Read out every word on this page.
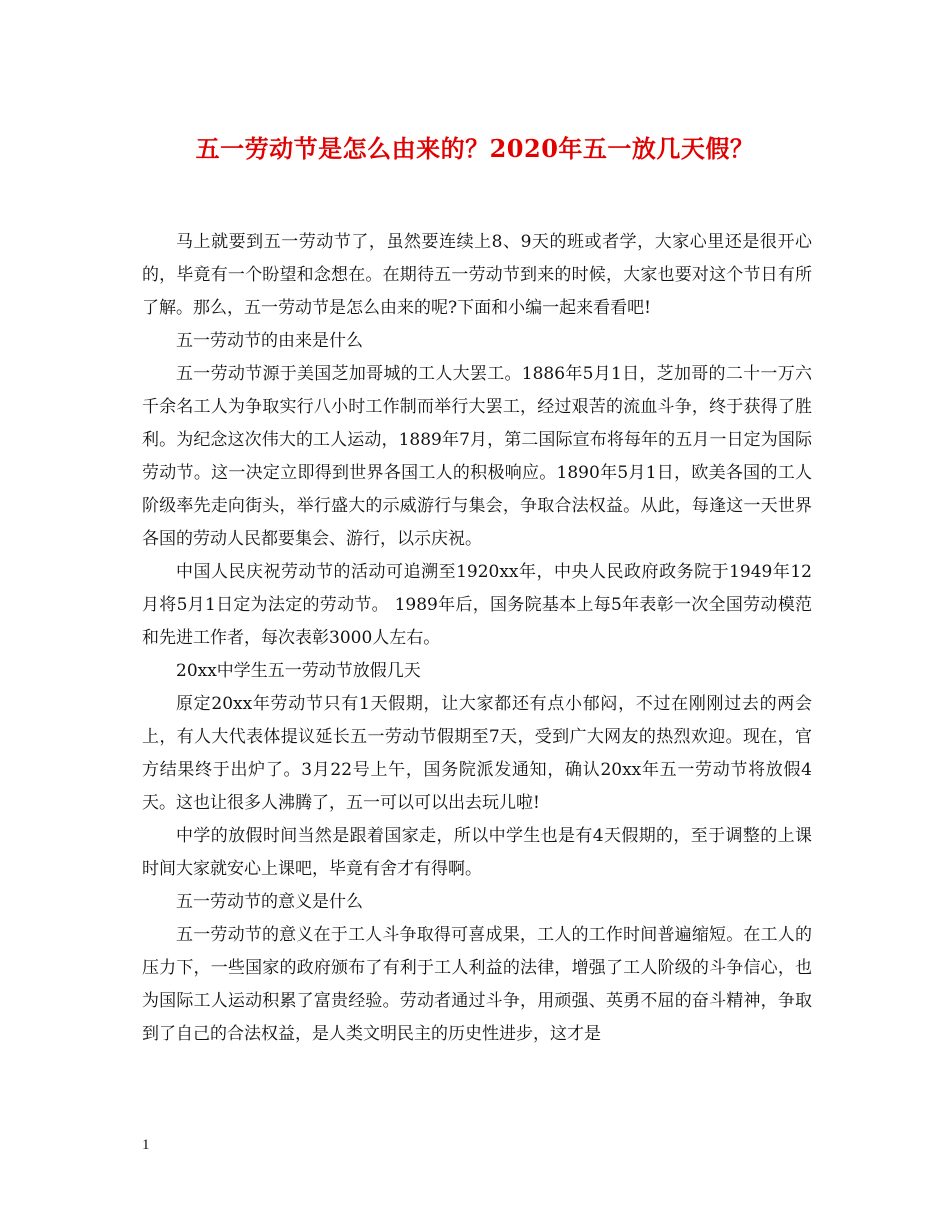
五一劳动节是怎么由来的？2020年五一放几天假？

马上就要到五一劳动节了，虽然要连续上8、9天的班或者学，大家心里还是很开心的，毕竟有一个盼望和念想在。在期待五一劳动节到来的时候，大家也要对这个节日有所了解。那么，五一劳动节是怎么由来的呢?下面和小编一起来看看吧!

五一劳动节的由来是什么

五一劳动节源于美国芝加哥城的工人大罢工。1886年5月1日，芝加哥的二十一万六千余名工人为争取实行八小时工作制而举行大罢工，经过艰苦的流血斗争，终于获得了胜利。为纪念这次伟大的工人运动，1889年7月，第二国际宣布将每年的五月一日定为国际劳动节。这一决定立即得到世界各国工人的积极响应。1890年5月1日，欧美各国的工人阶级率先走向街头，举行盛大的示威游行与集会，争取合法权益。从此，每逢这一天世界各国的劳动人民都要集会、游行，以示庆祝。

中国人民庆祝劳动节的活动可追溯至1920xx年，中央人民政府政务院于1949年12月将5月1日定为法定的劳动节。 1989年后，国务院基本上每5年表彰一次全国劳动模范和先进工作者，每次表彰3000人左右。

20xx中学生五一劳动节放假几天

原定20xx年劳动节只有1天假期，让大家都还有点小郁闷，不过在刚刚过去的两会上，有人大代表体提议延长五一劳动节假期至7天，受到广大网友的热烈欢迎。现在，官方结果终于出炉了。3月22号上午，国务院派发通知，确认20xx年五一劳动节将放假4天。这也让很多人沸腾了，五一可以可以出去玩儿啦!

中学的放假时间当然是跟着国家走，所以中学生也是有4天假期的，至于调整的上课时间大家就安心上课吧，毕竟有舍才有得啊。

五一劳动节的意义是什么

五一劳动节的意义在于工人斗争取得可喜成果，工人的工作时间普遍缩短。在工人的压力下，一些国家的政府颁布了有利于工人利益的法律，增强了工人阶级的斗争信心，也为国际工人运动积累了富贵经验。劳动者通过斗争，用顽强、英勇不屈的奋斗精神，争取到了自己的合法权益，是人类文明民主的历史性进步，这才是

1
